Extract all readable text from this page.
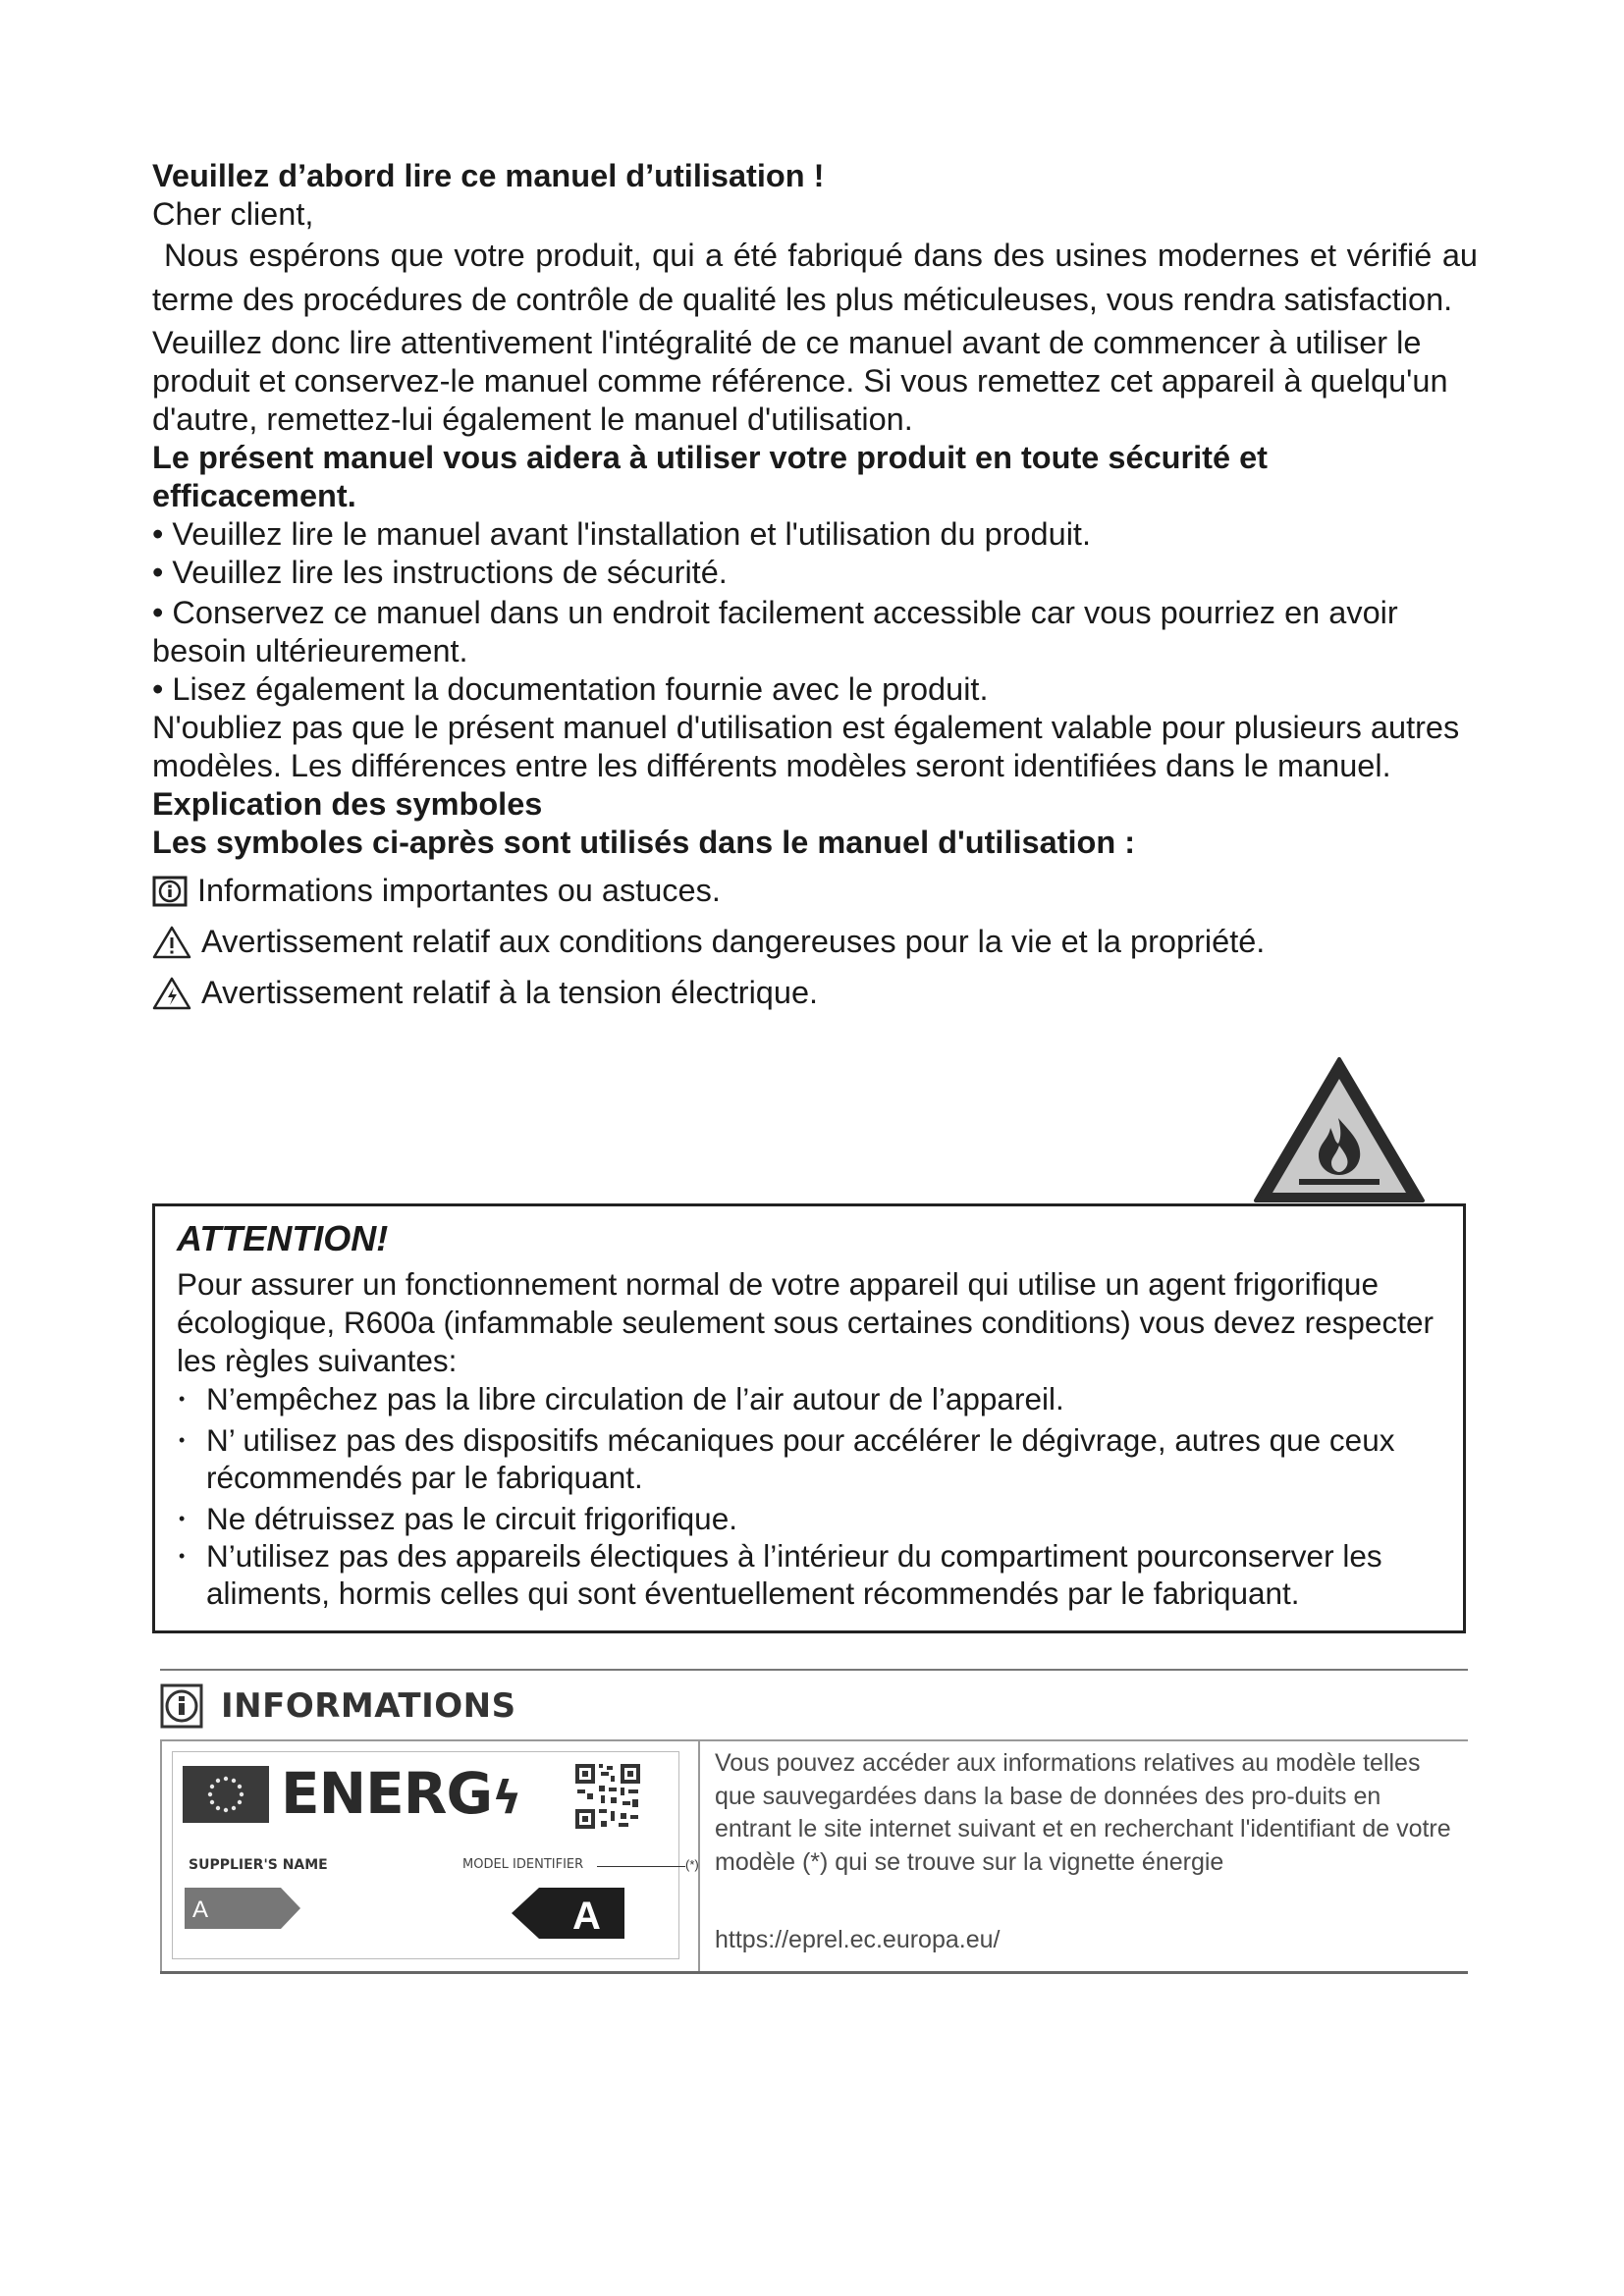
Veuillez d’abord lire ce manuel d’utilisation !

Cher client,

Nous espérons que votre produit, qui a été fabriqué dans des usines modernes et vérifié au terme des procédures de contrôle de qualité les plus méticuleuses, vous rendra satisfaction.

Veuillez donc lire attentivement l'intégralité de ce manuel avant de commencer à utiliser le produit et conservez-le manuel comme référence. Si vous remettez cet appareil à quelqu'un d'autre, remettez-lui également le manuel d'utilisation.

Le présent manuel vous aidera à utiliser votre produit en toute sécurité et efficacement.

• Veuillez lire le manuel avant l'installation et l'utilisation du produit.

• Veuillez lire les instructions de sécurité.

• Conservez ce manuel dans un endroit facilement accessible car vous pourriez en avoir besoin ultérieurement.

• Lisez également la documentation fournie avec le produit.

N'oubliez pas que le présent manuel d'utilisation est également valable pour plusieurs autres modèles. Les différences entre les différents modèles seront identifiées dans le manuel.

Explication des symboles

Les symboles ci-après sont utilisés dans le manuel d'utilisation :

Informations importantes ou astuces.
Avertissement relatif aux conditions dangereuses pour la vie et la propriété.
Avertissement relatif à la tension électrique.

ATTENTION!

Pour assurer un fonctionnement normal de votre appareil qui utilise un agent frigorifique écologique, R600a (infammable seulement sous certaines conditions) vous devez respecter les règles suivantes:
• N’empêchez pas la libre circulation de l’air autour de l’appareil.
• N’ utilisez pas des dispositifs mécaniques pour accélérer le dégivrage, autres que ceux récommendés par le fabriquant.
• Ne détruissez pas le circuit frigorifique.
• N’utilisez pas des appareils électiques à l’intérieur du compartiment pourconserver les aliments, hormis celles qui sont éventuellement récommendés par le fabriquant.
INFORMATIONS
ENERGϟ
SUPPLIER'S NAME	MODEL IDENTIFIER	(*)
A	A
Vous pouvez accéder aux informations relatives au modèle telles que sauvegardées dans la base de données des pro-duits en entrant le site internet suivant et en recherchant l'identifiant de votre modèle (*) qui se trouve sur la vignette énergie
https://eprel.ec.europa.eu/
